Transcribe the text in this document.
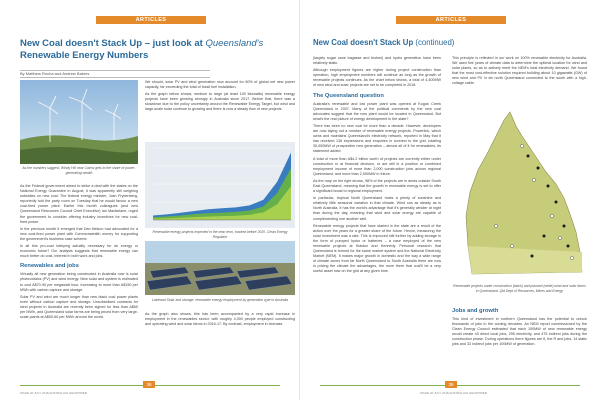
ARTICLES
New Coal doesn't Stack Up – just look at Queensland's
Renewable Energy Numbers
By Matthew Rocha and Andrew Bakers
As the numbers suggest, Windy Hill near Cairns gets to the share of power-generating wealth

As the Federal government aimed to strike a deal with the states on the National Energy Guarantee in August, it was apparently still weighing subsidies on new coal. The federal energy minister, Josh Frydenberg, reportedly told the party room on Tuesday that he would favour a new coal-fired power plant. Earlier this month colleagues (and new Queensland Resources Council Chief Executive) Ian Macfarlane, urged the government to consider offering industry incentives for new coal-fired power.

In the previous month it emerged that Dan Nelson had advocated for a new coal-fired power plant with Commonwealth money for supporting the government's business case scheme.

Is all this pro-coal lobbying actually necessary for an energy or economic future? Our analysis suggests that renewable energy can much better do cost, interest in both work and jobs.

Renewables and jobs

Virtually all new generation being constructed in Australia now is solar photovoltaics (PV) and wind energy. New solar and system is estimated to cost A$70-90 per megawatt hour, increasing to more than A$150 per MWh with carbon capture and storage.

Solar PV and wind are much longer than new black coal power plants even without carbon capture and storage. Unsubsidised contracts for wind projects in Australia are recently been signed for less than A$60 per MWh, and Queensland solar farms are being priced from very large-scale plants at A$50-60 per MWh around the world.

We should, solar PV and wind generation now account for 60% of global net new power capacity, far exceeding the total of fossil fuel installation.

As the graph below shows, medium to large (at least 100 kilowatts) renewable energy projects have been growing strongly in Australia since 2017. Before that, there was a slowdown due to the policy uncertainty around the Renewable Energy Target, but wind and large-scale solar continue to growing and there is now a steady flow of new projects.

Renewable energy projects expected in the near term, tracked before 2020. Clean Energy Regulator
Lakeland Solar and storage, renewable energy employment by generation type in Australia

As the graph also shows, this has been accompanied by a very rapid increase in employment in the renewables sector, with roughly 4,000 people employed constructing and operating wind and solar farms in 2016-17. By contrast, employment in biomass

38
ISSUE 20 JULY 2018 AUSTRALIAN GEOPOWER
ARTICLES
New Coal doesn't Stack Up (continued)

(largely sugar cane bagasse and biofuel) and hydro generation have been relatively static.

Although employment figures are higher during project construction than operation, high employment numbers will continue as long as the growth of renewable projects continues. As the chart below shows, a total of 4,400MW of new wind and solar projects are set to be completed in 2018.

The Queensland question

Australia's renewable and low power plant was opened at Kogan Creek Queensland in 2007. Many of the political comments by the new coal advocates suggest that the new plant would be located in Queensland. But what's the real picture of energy development in the state?

There has been no new coal for more than a decade. However, developers are now laying out a number of renewable energy projects. Powerlink, which owns and maintains Queensland's electricity network, reported in May that it has received 136 expressions and enquiries in connect to the grid, totalling 30,000MW of prospective new generation – almost all of it for renewables, its statement added.

A total of more than A$4.2 billion worth of projects are currently either under construction or at financial decision, or are still in a position or combined employment income of more than 2,000 construction jobs across regional Queensland, and more than 2,000MW in future.

As the map on the right shows, 98% of the projects are in areas outside South East Queensland, meaning that the growth in renewable energy is set to offer a significant boost to regional employment.

In particular, tropical North Queensland hosts a plenty of sunshine and relatively little seasonal variation in that climate. Wind can as steady as is North Australia, it has the world's advantage that it's generally windier at night than during the day, meaning that wind and solar energy are capable of complementing one another well.

Renewable energy projects that have started in the state are a result of the action over the years for a greater share of the future. Hence, measuring the solar investment was a rate. This is improved still further by adding storage in the form of pumped hydro or batteries – a case employed of the new renewable projects at Kidston and Kennedy. Personal research that Queensland is formed for the same market system and the National Electricity Market (NEM). It makes major growth in domestic and the way a wide range of climate zones from far North Queensland to South Australia there are now in pricing the climate the advantages, the more there that coal'll be a very useful asset now on the grid at any given time.

This principle is reflected in our work on 100% renewable electricity for Australia. We used five years of climate data to determine the optimal location for wind and solar plants, so as to actively meet the NEM's total electricity demand. We found that the most cost-effective solution required building about 10 gigawatts (GW) of new wind and PV in far north Queensland connected to the south with a high-voltage cable.

Renewable projects under construction (black) and planned (white) wind and solar farms in Queensland. Qld Dept of Resources, Mines and Energy
Jobs and growth

This kind of investment in northern Queensland has the potential to unlock thousands of jobs in the coming decades. An NEM report commissioned by the Clean Energy Council estimated that each 100MW of new renewable energy would create 40 direct local jobs, 295 electricity, and 475 indirect jobs during the construction phase. During operations there figures are 6, the R and jobs, 14 static jobs and 33 indirect jobs per 100MW of generation.

39
ISSUE 20 JULY 2018 AUSTRALIAN GEOPOWER
